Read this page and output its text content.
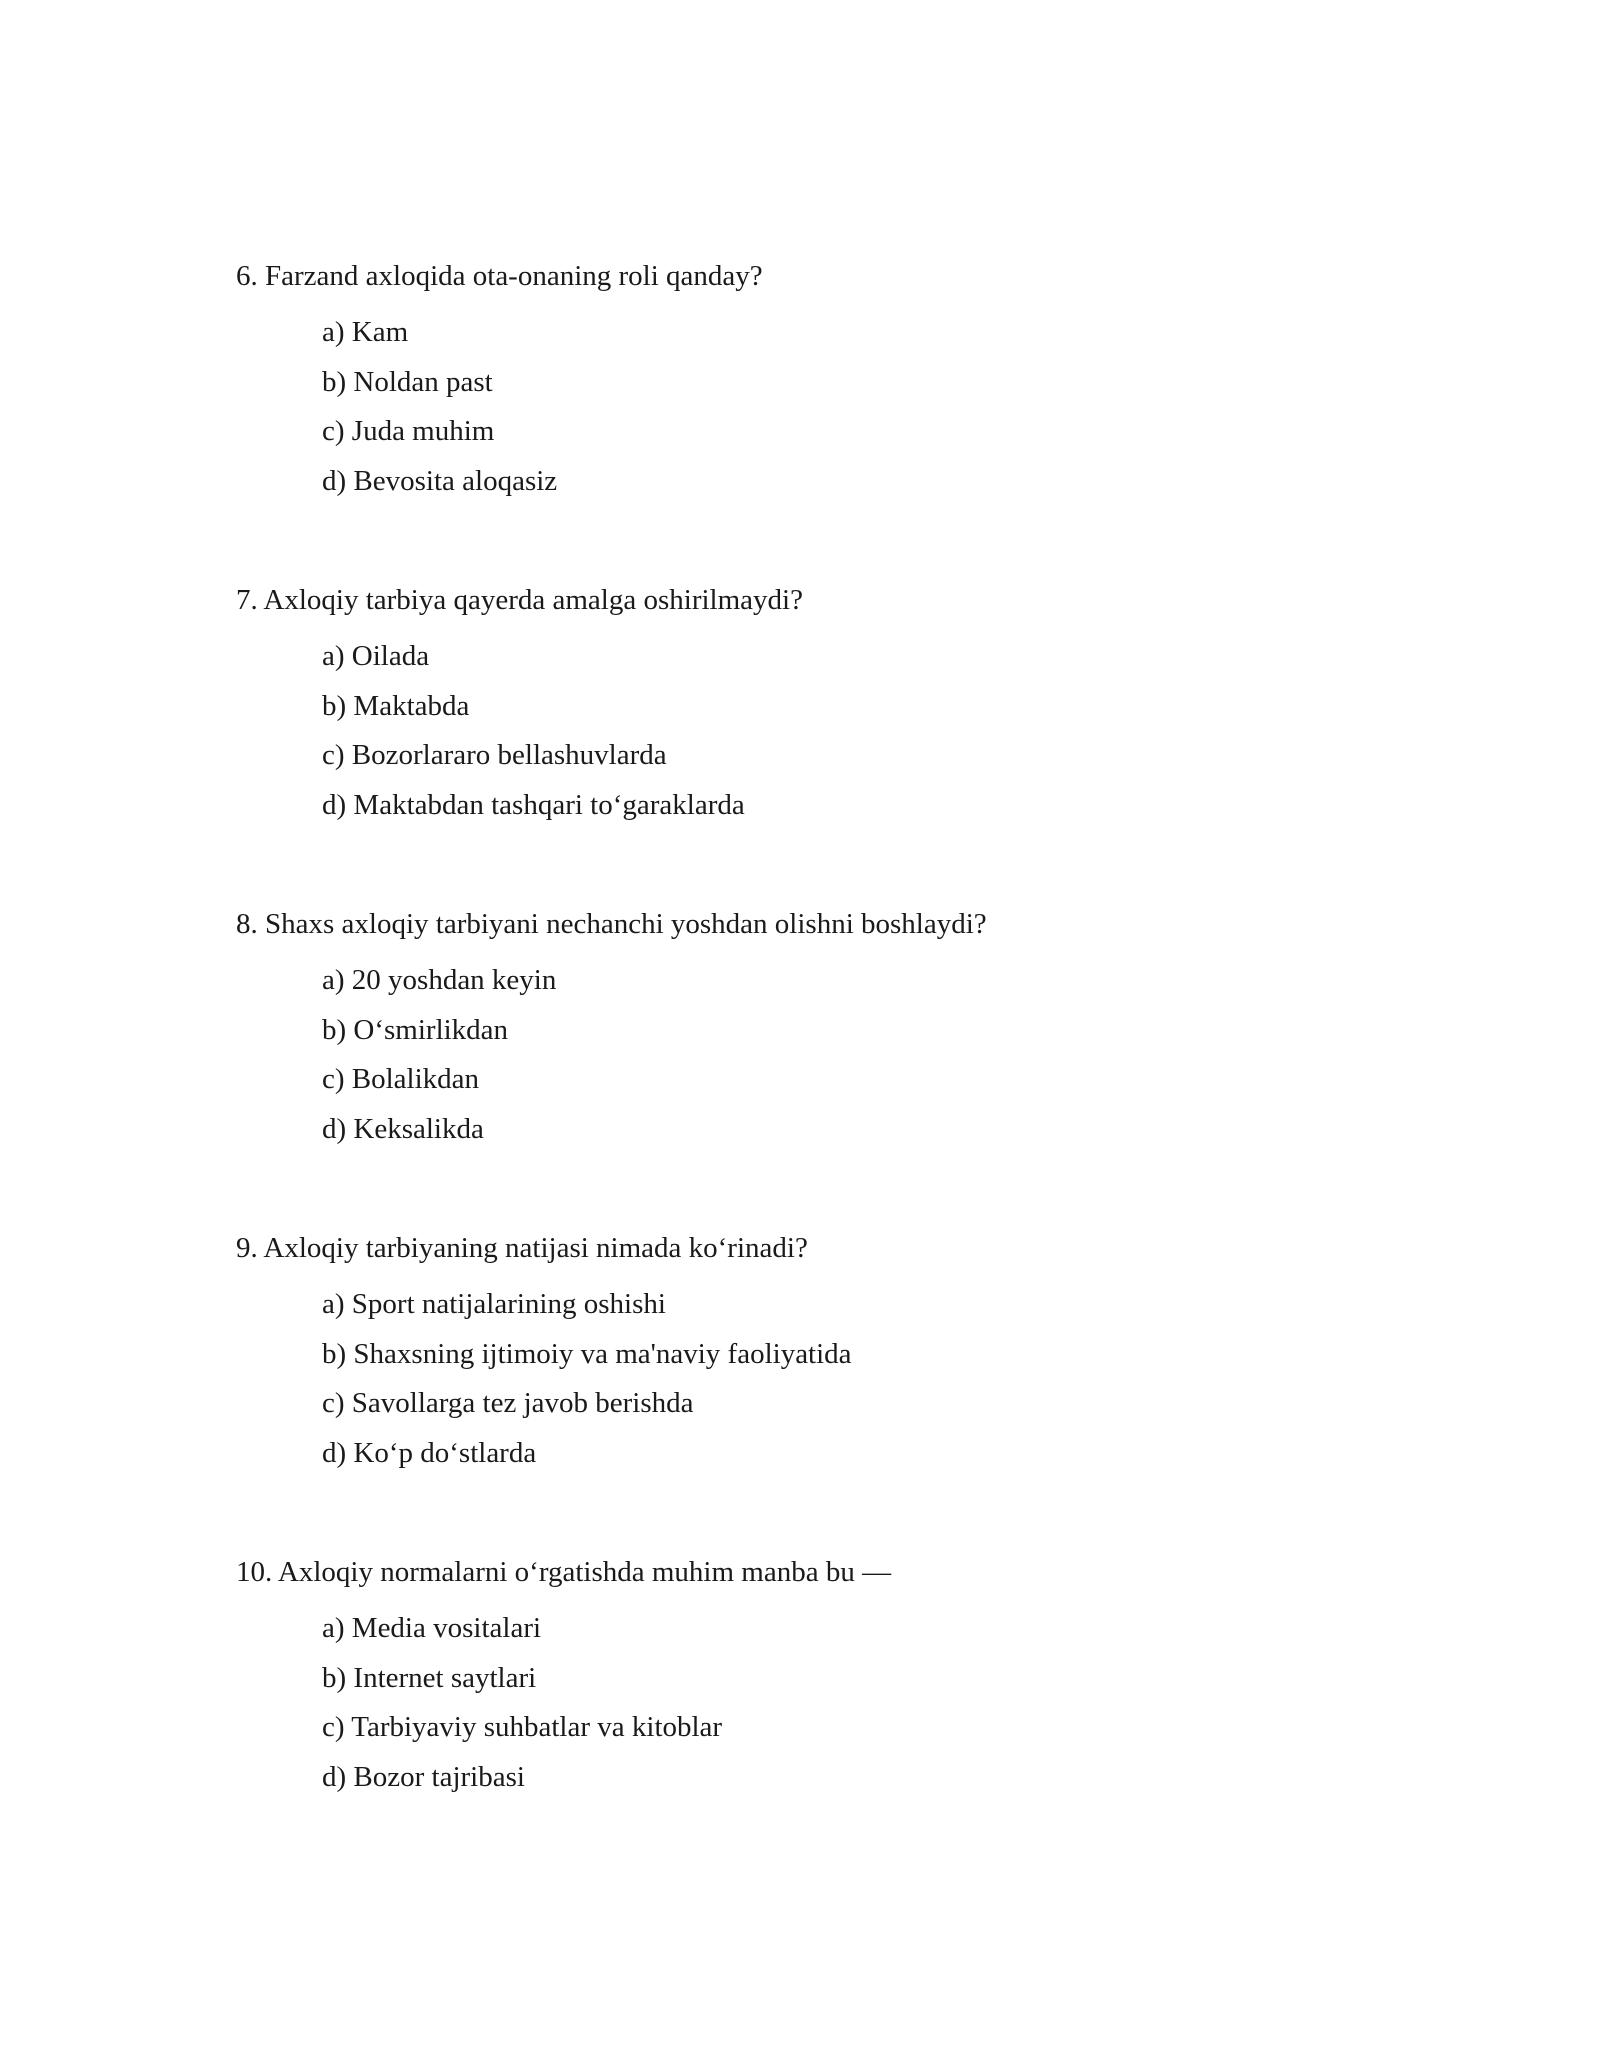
6. Farzand axloqida ota-onaning roli qanday?

a) Kam
b) Noldan past
c) Juda muhim
d) Bevosita aloqasiz

7. Axloqiy tarbiya qayerda amalga oshirilmaydi?

a) Oilada
b) Maktabda
c) Bozorlararo bellashuvlarda
d) Maktabdan tashqari to‘garaklarda

8. Shaxs axloqiy tarbiyani nechanchi yoshdan olishni boshlaydi?

a) 20 yoshdan keyin
b) O‘smirlikdan
c) Bolalikdan
d) Keksalikda

9. Axloqiy tarbiyaning natijasi nimada ko‘rinadi?

a) Sport natijalarining oshishi
b) Shaxsning ijtimoiy va ma'naviy faoliyatida
c) Savollarga tez javob berishda
d) Ko‘p do‘stlarda

10. Axloqiy normalarni o‘rgatishda muhim manba bu —

a) Media vositalari
b) Internet saytlari
c) Tarbiyaviy suhbatlar va kitoblar
d) Bozor tajribasi
